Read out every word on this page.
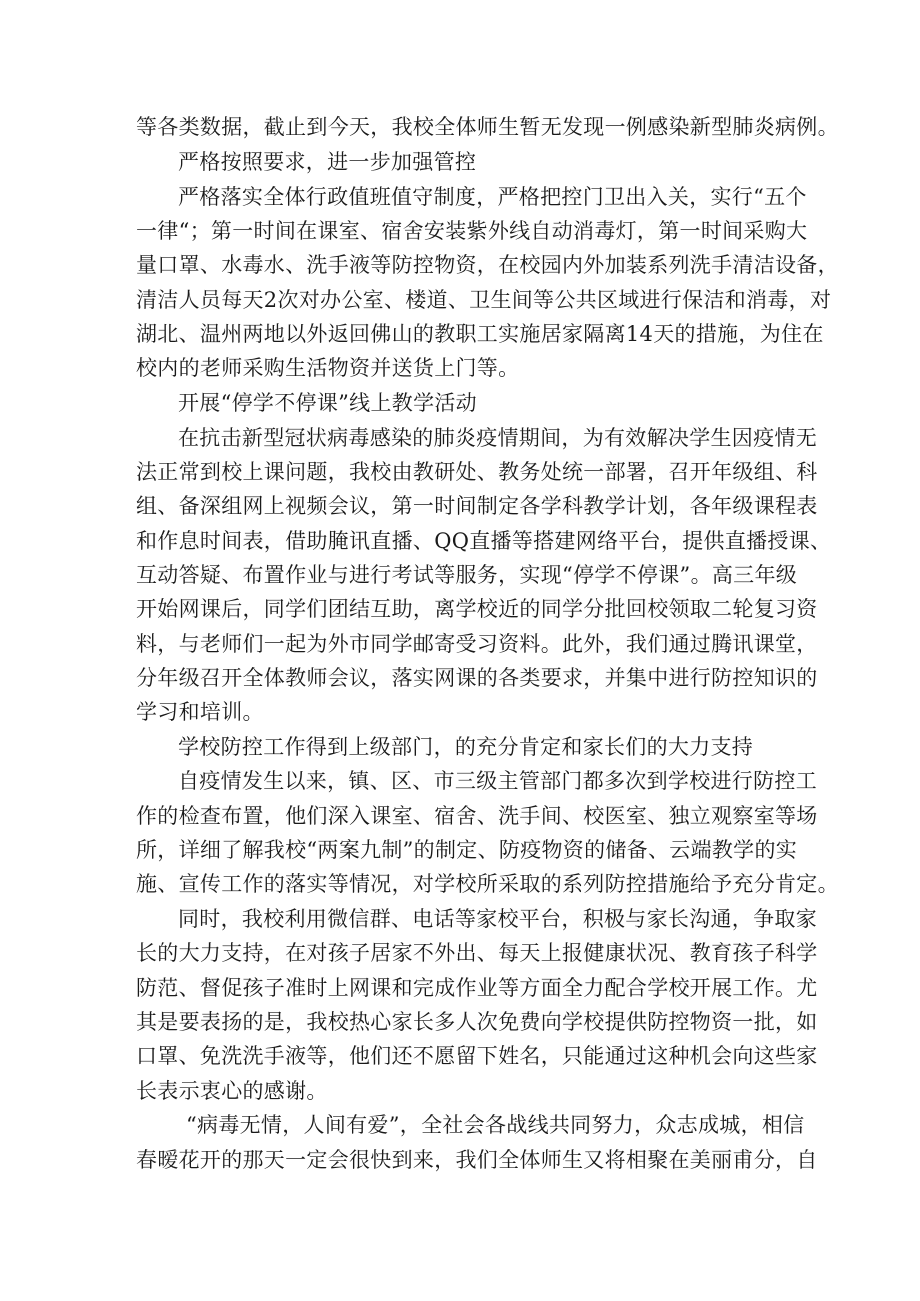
等各类数据，截止到今天，我校全体师生暂无发现一例感染新型肺炎病例。
严格按照要求，进一步加强管控
严格落实全体行政值班值守制度，严格把控门卫出入关，实行“五个
一律“；第一时间在课室、宿舍安装紫外线自动消毒灯，第一时间采购大
量口罩、水毒水、洗手液等防控物资，在校园内外加装系列洗手清洁设备，
清洁人员每天2次对办公室、楼道、卫生间等公共区域进行保洁和消毒，对
湖北、温州两地以外返回佛山的教职工实施居家隔离14天的措施，为住在
校内的老师采购生活物资并送货上门等。
开展“停学不停课”线上教学活动
在抗击新型冠状病毒感染的肺炎疫情期间，为有效解决学生因疫情无
法正常到校上课问题，我校由教研处、教务处统一部署，召开年级组、科
组、备深组网上视频会议，第一时间制定各学科教学计划，各年级课程表
和作息时间表，借助腌讯直播、QQ直播等搭建网络平台，提供直播授课、
互动答疑、布置作业与进行考试等服务，实现“停学不停课”。高三年级
开始网课后，同学们团结互助，离学校近的同学分批回校领取二轮复习资
料，与老师们一起为外市同学邮寄受习资料。此外，我们通过腾讯课堂，
分年级召开全体教师会议，落实网课的各类要求，并集中进行防控知识的
学习和培训。
学校防控工作得到上级部门，的充分肯定和家长们的大力支持
自疫情发生以来，镇、区、市三级主管部门都多次到学校进行防控工
作的检查布置，他们深入课室、宿舍、洗手间、校医室、独立观察室等场
所，详细了解我校“两案九制”的制定、防疫物资的储备、云端教学的实
施、宣传工作的落实等情况，对学校所采取的系列防控措施给予充分肯定。
同时，我校利用微信群、电话等家校平台，积极与家长沟通，争取家
长的大力支持，在对孩子居家不外出、每天上报健康状况、教育孩子科学
防范、督促孩子准时上网课和完成作业等方面全力配合学校开展工作。尤
其是要表扬的是，我校热心家长多人次免费向学校提供防控物资一批，如
口罩、免洗洗手液等，他们还不愿留下姓名，只能通过这种机会向这些家
长表示衷心的感谢。
“病毒无情，人间有爱”，全社会各战线共同努力，众志成城，相信
春暧花开的那天一定会很快到来，我们全体师生又将相聚在美丽甫分，自
